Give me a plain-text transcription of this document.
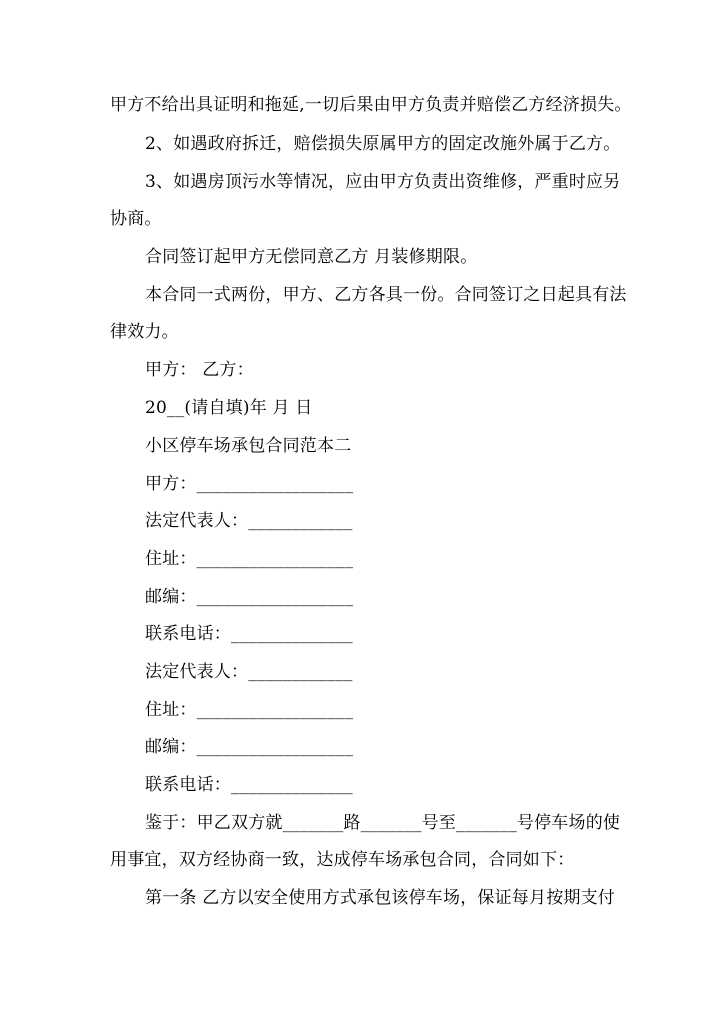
甲方不给出具证明和拖延,一切后果由甲方负责并赔偿乙方经济损失。
2、如遇政府拆迁，赔偿损失原属甲方的固定改施外属于乙方。
3、如遇房顶污水等情况，应由甲方负责出资维修，严重时应另
协商。
合同签订起甲方无偿同意乙方 月装修期限。
本合同一式两份，甲方、乙方各具一份。合同签订之日起具有法
律效力。
甲方： 乙方：
20__(请自填)年 月 日
小区停车场承包合同范本二
甲方：__________________
法定代表人：____________
住址：__________________
邮编：__________________
联系电话：______________
法定代表人：____________
住址：__________________
邮编：__________________
联系电话：______________
鉴于：甲乙双方就_______路_______号至_______号停车场的使
用事宜，双方经协商一致，达成停车场承包合同，合同如下：
第一条 乙方以安全使用方式承包该停车场，保证每月按期支付
